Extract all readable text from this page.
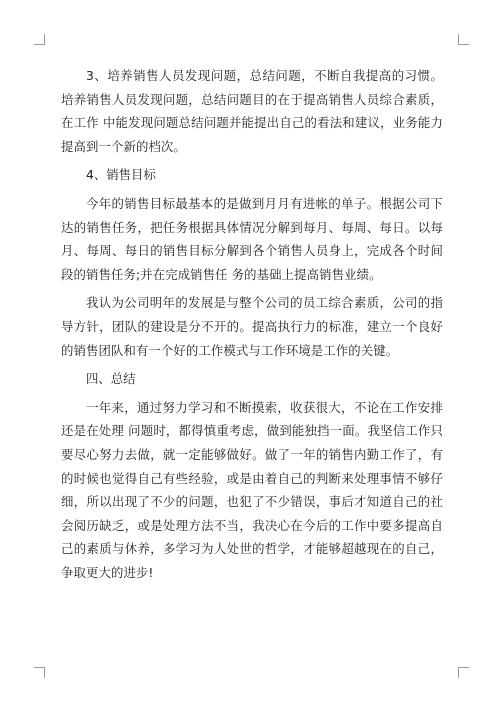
3、培养销售人员发现问题，总结问题，不断自我提高的习惯。培养销售人员发现问题，总结问题目的在于提高销售人员综合素质，在工作 中能发现问题总结问题并能提出自己的看法和建议，业务能力提高到一个新的档次。

4、销售目标

今年的销售目标最基本的是做到月月有进帐的单子。根据公司下达的销售任务，把任务根据具体情况分解到每月、每周、每日。以每月、每周、每日的销售目标分解到各个销售人员身上，完成各个时间段的销售任务;并在完成销售任 务的基础上提高销售业绩。

我认为公司明年的发展是与整个公司的员工综合素质，公司的指导方针，团队的建设是分不开的。提高执行力的标准，建立一个良好的销售团队和有一个好的工作模式与工作环境是工作的关键。

四、总结

一年来，通过努力学习和不断摸索，收获很大，不论在工作安排还是在处理 问题时，都得慎重考虑，做到能独挡一面。我坚信工作只要尽心努力去做，就一定能够做好。做了一年的销售内勤工作了，有的时候也觉得自己有些经验，或是由着自己的判断来处理事情不够仔细，所以出现了不少的问题，也犯了不少错误，事后才知道自己的社会阅历缺乏，或是处理方法不当，我决心在今后的工作中要多提高自己的素质与休养，多学习为人处世的哲学，才能够超越现在的自己，争取更大的进步!
